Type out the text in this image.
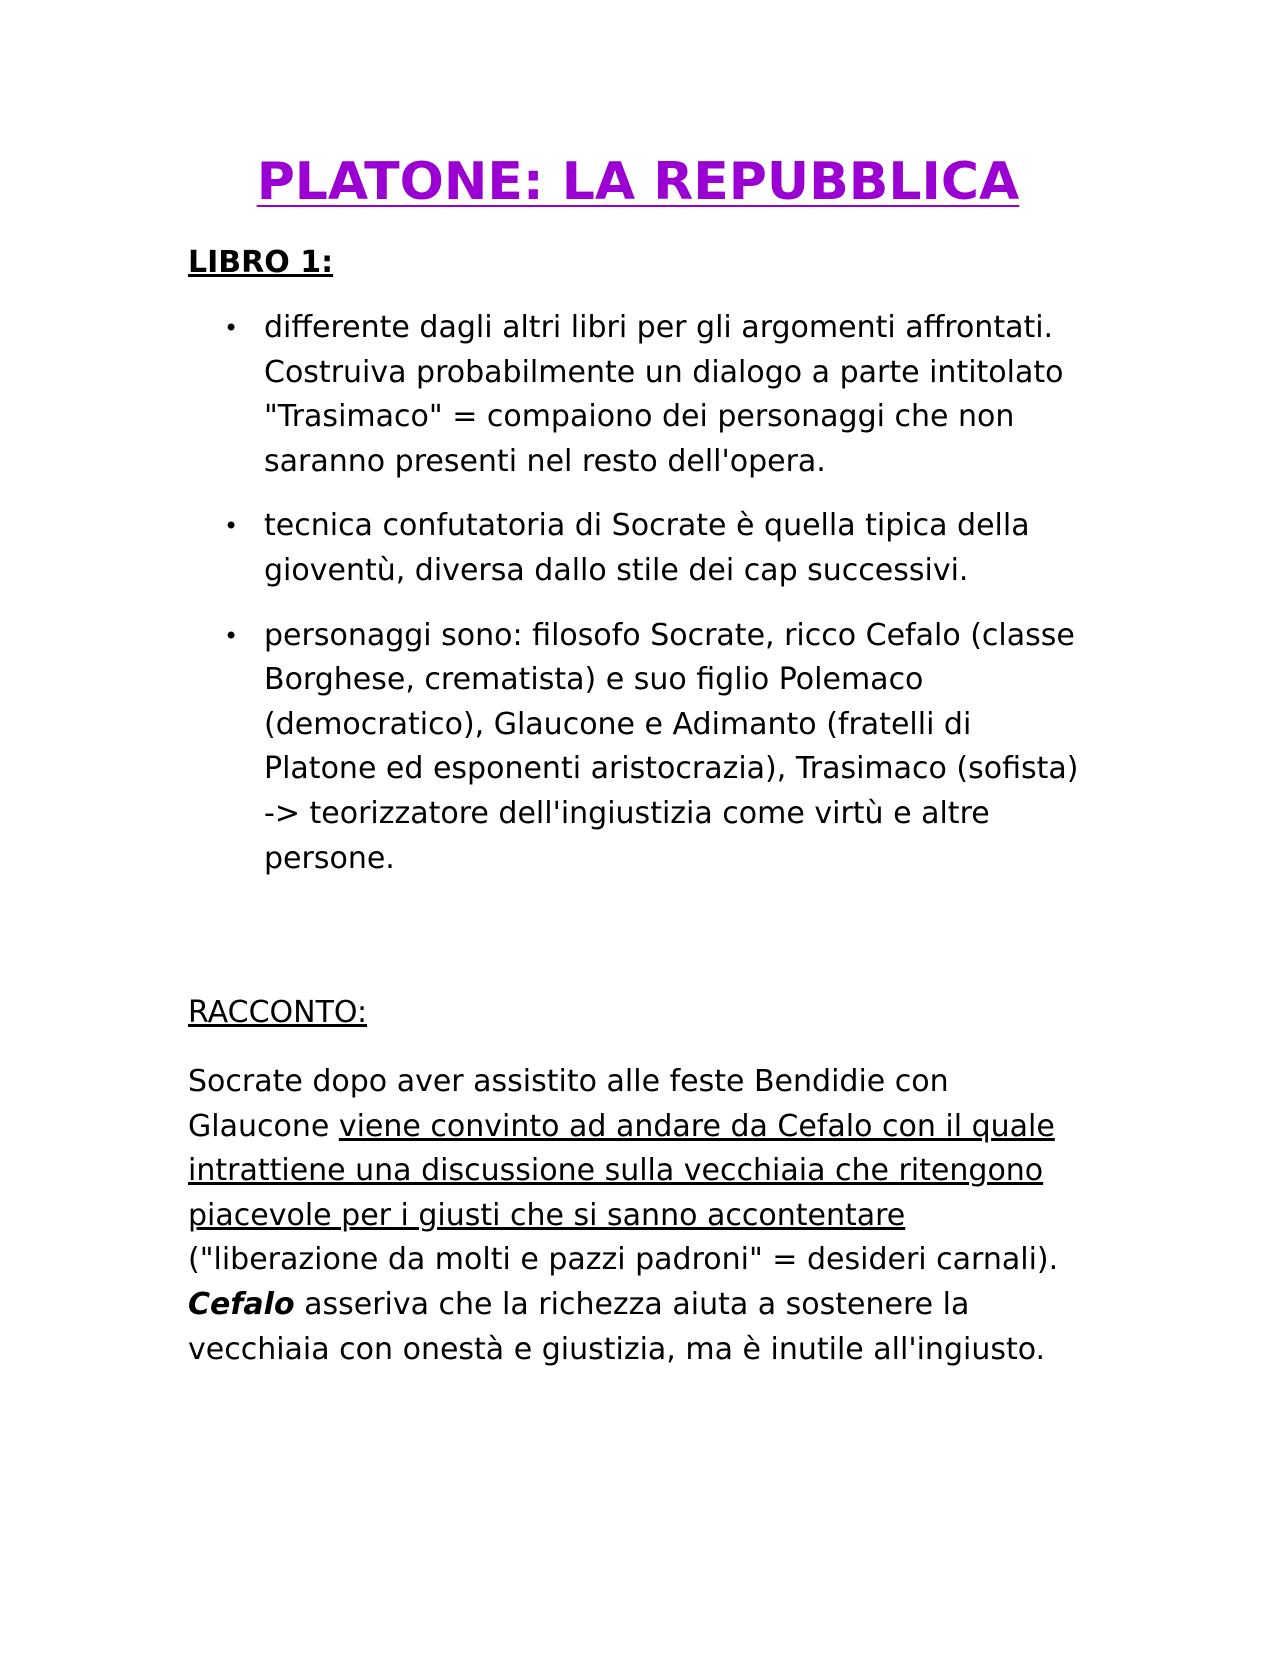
PLATONE: LA REPUBBLICA
LIBRO 1:
• differente dagli altri libri per gli argomenti affrontati. Costruiva probabilmente un dialogo a parte intitolato "Trasimaco" = compaiono dei personaggi che non saranno presenti nel resto dell'opera.
• tecnica confutatoria di Socrate è quella tipica della gioventù, diversa dallo stile dei cap successivi.
• personaggi sono: filosofo Socrate, ricco Cefalo (classe Borghese, crematista) e suo figlio Polemaco (democratico), Glaucone e Adimanto (fratelli di Platone ed esponenti aristocrazia), Trasimaco (sofista) -> teorizzatore dell'ingiustizia come virtù e altre persone.
RACCONTO:

Socrate dopo aver assistito alle feste Bendidie con Glaucone viene convinto ad andare da Cefalo con il quale intrattiene una discussione sulla vecchiaia che ritengono piacevole per i giusti che si sanno accontentare ("liberazione da molti e pazzi padroni" = desideri carnali).
Cefalo asseriva che la richezza aiuta a sostenere la vecchiaia con onestà e giustizia, ma è inutile all'ingiusto.
